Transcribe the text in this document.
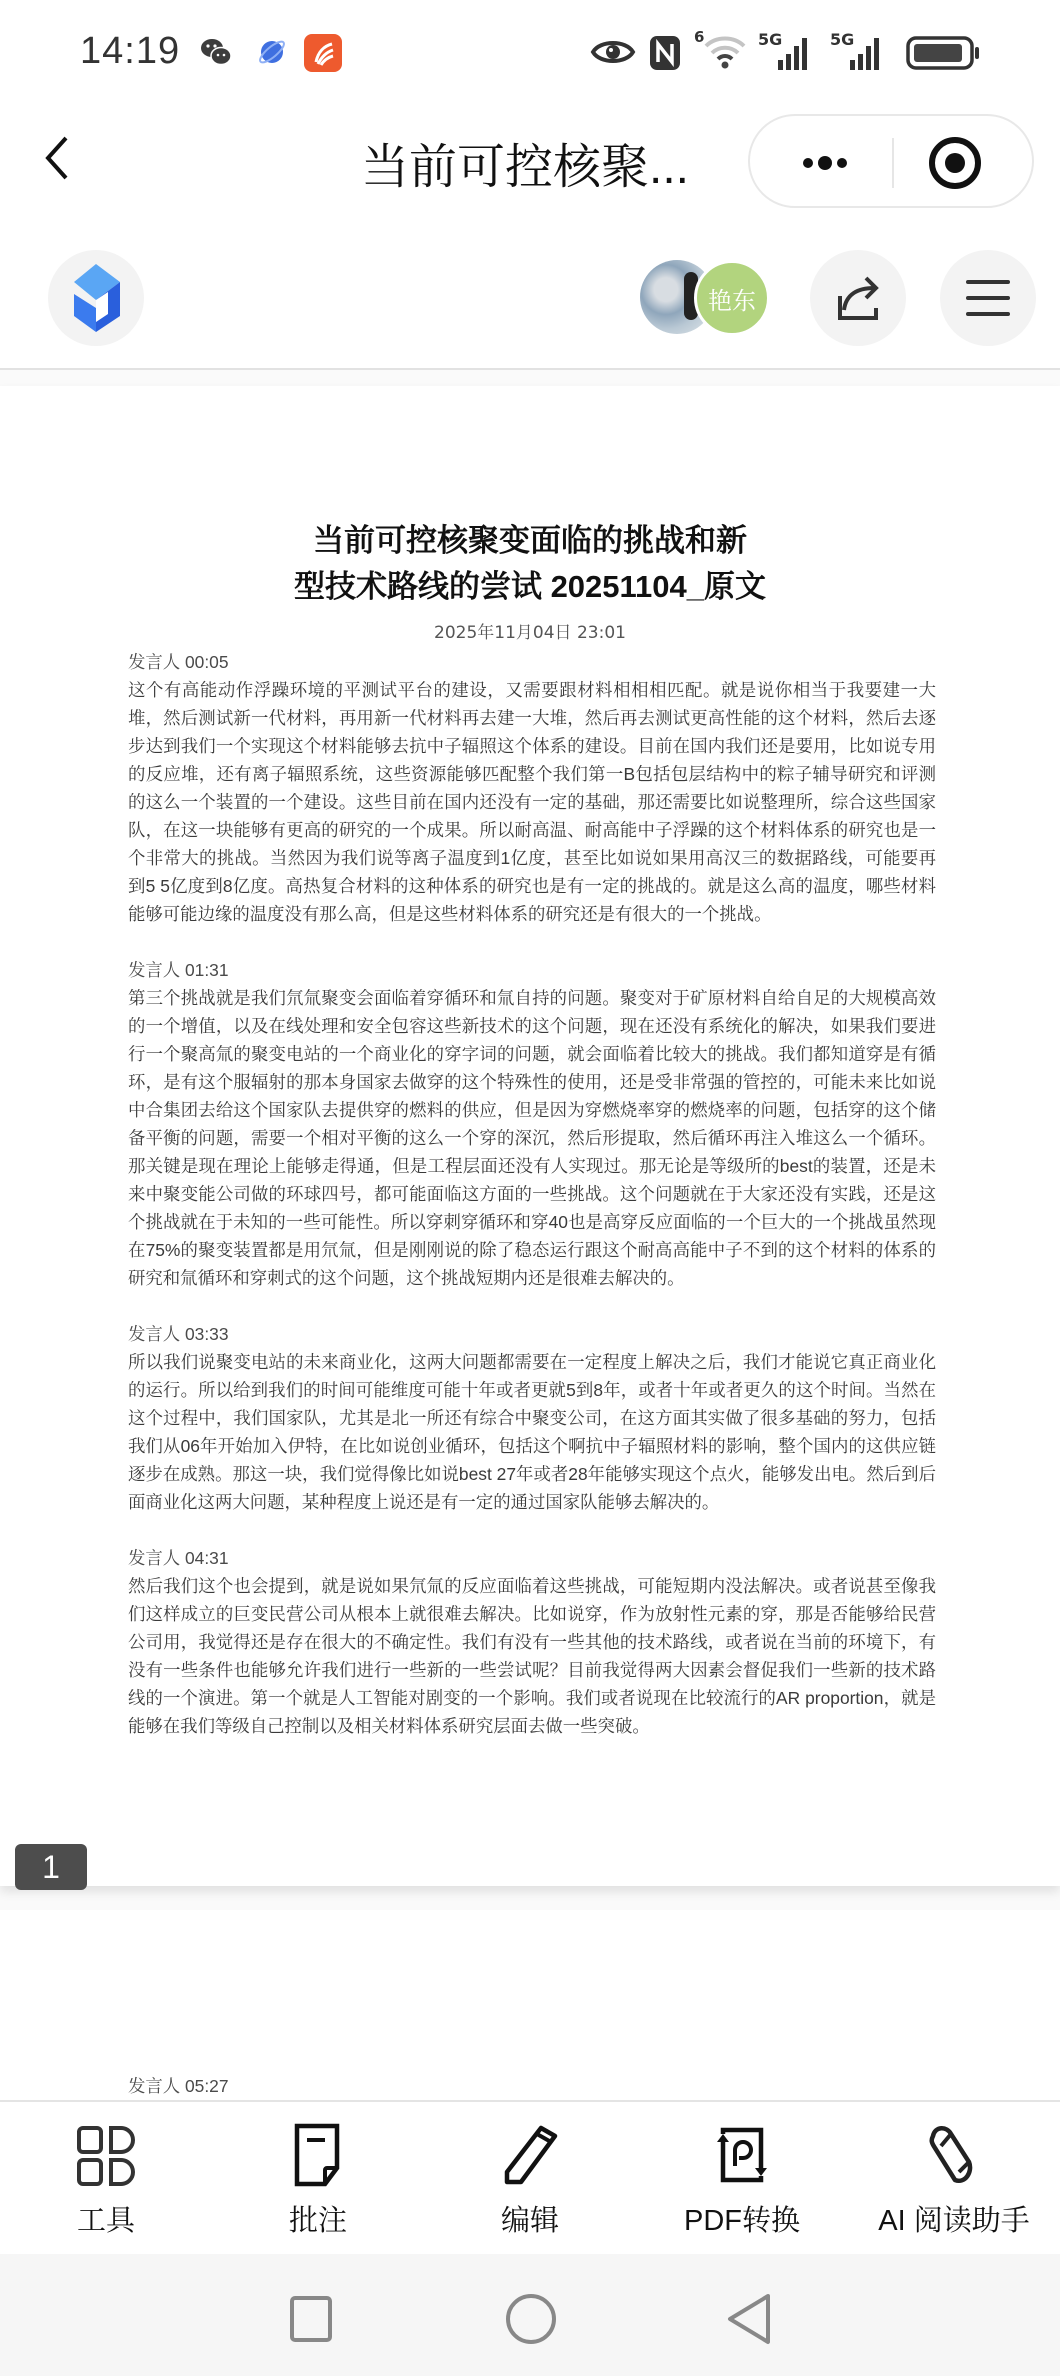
14:19	6	5G	5G
当前可控核聚...
艳东
当前可控核聚变面临的挑战和新
型技术路线的尝试 20251104_原文
2025年11月04日 23:01
发言人 00:05
这个有高能动作浮躁环境的平测试平台的建设，又需要跟材料相相相匹配。就是说你相当于我要建一大堆，然后测试新一代材料，再用新一代材料再去建一大堆，然后再去测试更高性能的这个材料，然后去逐步达到我们一个实现这个材料能够去抗中子辐照这个体系的建设。目前在国内我们还是要用，比如说专用的反应堆，还有离子辐照系统，这些资源能够匹配整个我们第一B包括包层结构中的粽子辅导研究和评测的这么一个装置的一个建设。这些目前在国内还没有一定的基础，那还需要比如说整理所，综合这些国家队，在这一块能够有更高的研究的一个成果。所以耐高温、耐高能中子浮躁的这个材料体系的研究也是一个非常大的挑战。当然因为我们说等离子温度到1亿度，甚至比如说如果用高汉三的数据路线，可能要再到5 5亿度到8亿度。高热复合材料的这种体系的研究也是有一定的挑战的。就是这么高的温度，哪些材料能够可能边缘的温度没有那么高，但是这些材料体系的研究还是有很大的一个挑战。
发言人 01:31
第三个挑战就是我们氘氚聚变会面临着穿循环和氚自持的问题。聚变对于矿原材料自给自足的大规模高效的一个增值，以及在线处理和安全包容这些新技术的这个问题，现在还没有系统化的解决，如果我们要进行一个聚高氚的聚变电站的一个商业化的穿字词的问题，就会面临着比较大的挑战。我们都知道穿是有循环，是有这个服辐射的那本身国家去做穿的这个特殊性的使用，还是受非常强的管控的，可能未来比如说中合集团去给这个国家队去提供穿的燃料的供应，但是因为穿燃烧率穿的燃烧率的问题，包括穿的这个储备平衡的问题，需要一个相对平衡的这么一个穿的深沉，然后形提取，然后循环再注入堆这么一个循环。那关键是现在理论上能够走得通，但是工程层面还没有人实现过。那无论是等级所的best的装置，还是未来中聚变能公司做的环球四号，都可能面临这方面的一些挑战。这个问题就在于大家还没有实践，还是这个挑战就在于未知的一些可能性。所以穿刺穿循环和穿40也是高穿反应面临的一个巨大的一个挑战虽然现在75%的聚变装置都是用氘氚，但是刚刚说的除了稳态运行跟这个耐高高能中子不到的这个材料的体系的研究和氚循环和穿刺式的这个问题，这个挑战短期内还是很难去解决的。
发言人 03:33
所以我们说聚变电站的未来商业化，这两大问题都需要在一定程度上解决之后，我们才能说它真正商业化的运行。所以给到我们的时间可能维度可能十年或者更就5到8年，或者十年或者更久的这个时间。当然在这个过程中，我们国家队，尤其是北一所还有综合中聚变公司，在这方面其实做了很多基础的努力，包括我们从06年开始加入伊特，在比如说创业循环，包括这个啊抗中子辐照材料的影响，整个国内的这供应链逐步在成熟。那这一块，我们觉得像比如说best 27年或者28年能够实现这个点火，能够发出电。然后到后面商业化这两大问题，某种程度上说还是有一定的通过国家队能够去解决的。
发言人 04:31
然后我们这个也会提到，就是说如果氘氚的反应面临着这些挑战，可能短期内没法解决。或者说甚至像我们这样成立的巨变民营公司从根本上就很难去解决。比如说穿，作为放射性元素的穿，那是否能够给民营公司用，我觉得还是存在很大的不确定性。我们有没有一些其他的技术路线，或者说在当前的环境下，有没有一些条件也能够允许我们进行一些新的一些尝试呢？目前我觉得两大因素会督促我们一些新的技术路线的一个演进。第一个就是人工智能对剧变的一个影响。我们或者说现在比较流行的AR proportion，就是能够在我们等级自己控制以及相关材料体系研究层面去做一些突破。
1
发言人 05:27
工具	批注	编辑	PDF转换	AI 阅读助手
